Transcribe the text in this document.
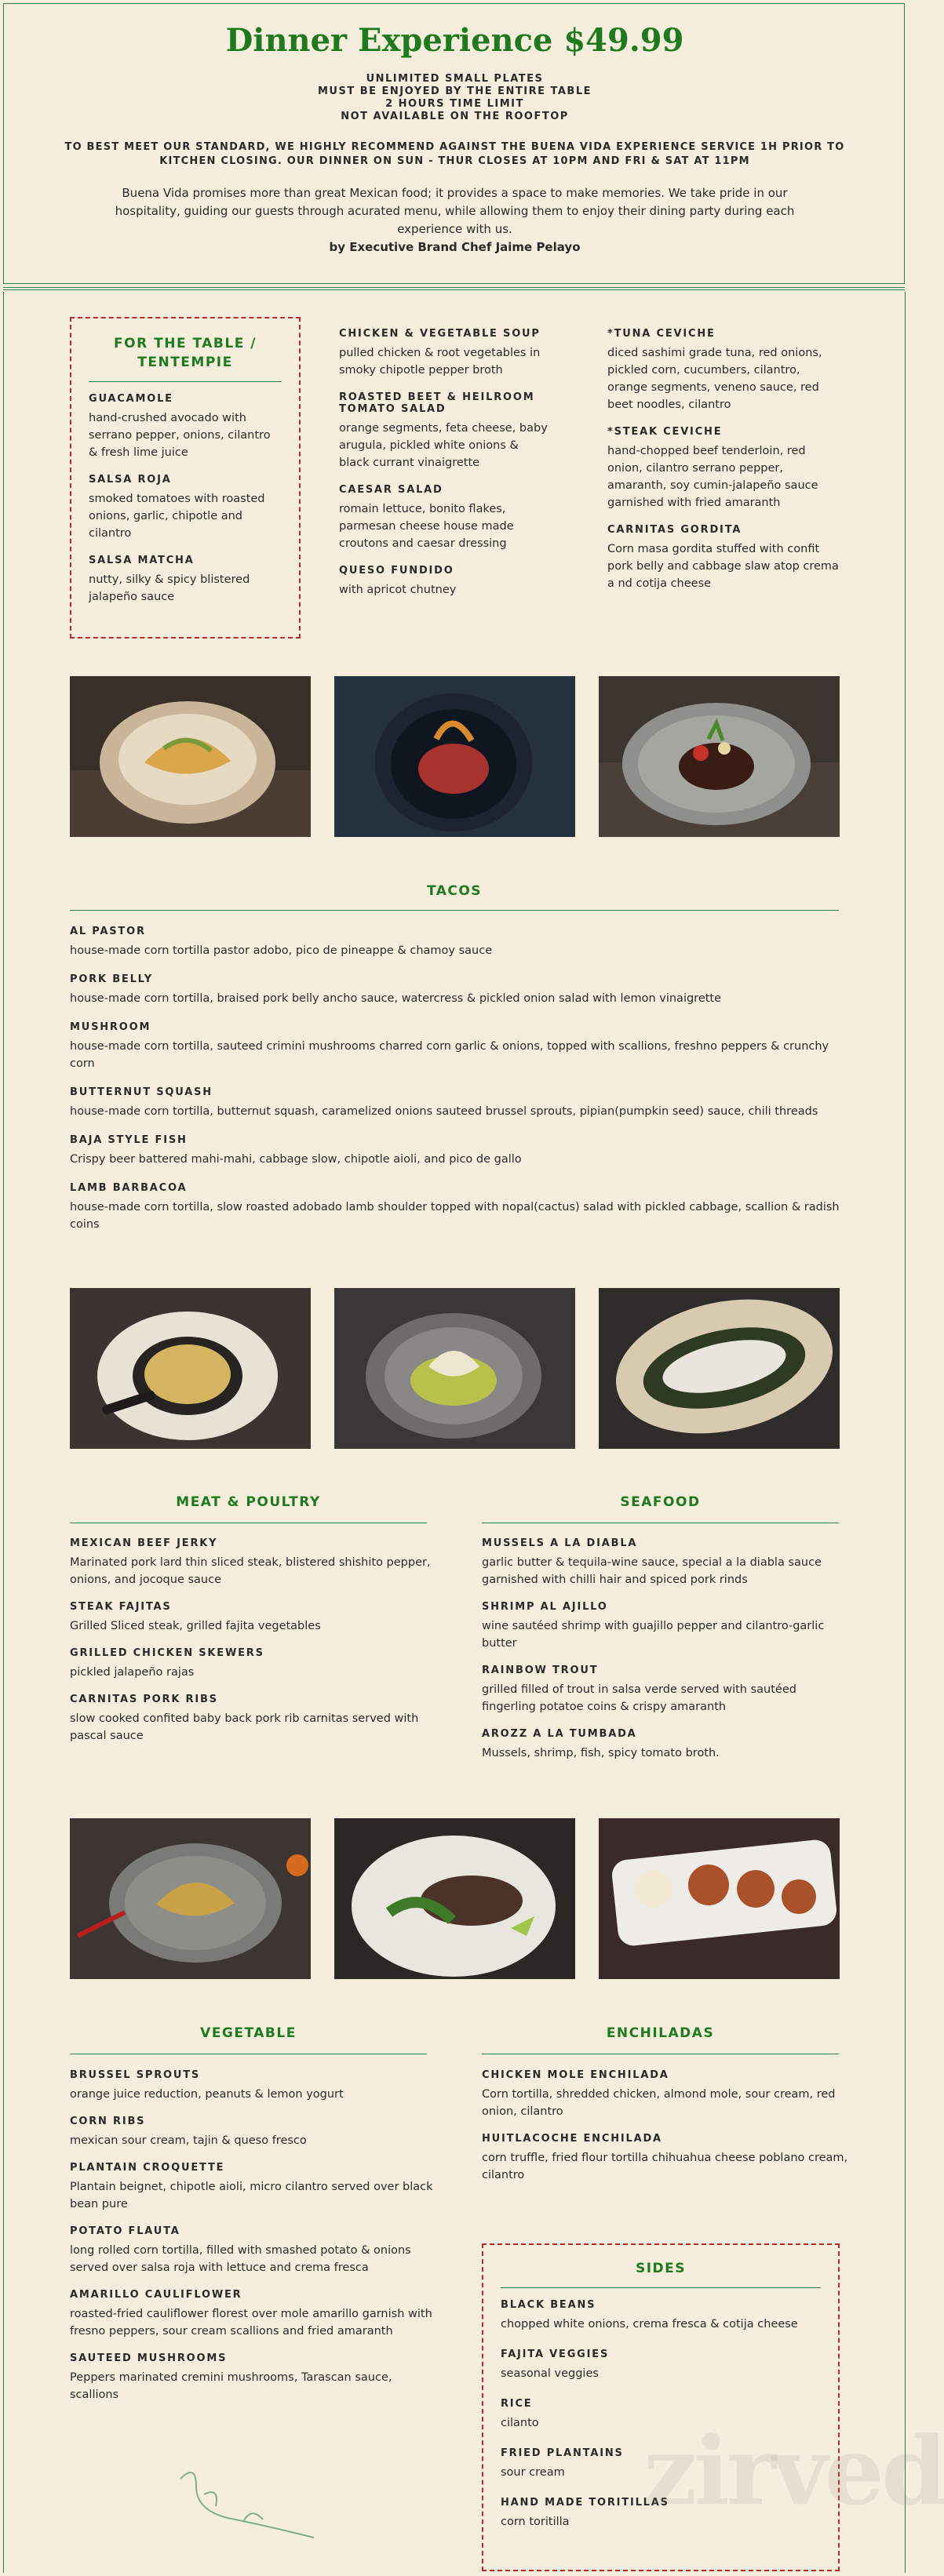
Dinner Experience $49.99
UNLIMITED SMALL PLATES
MUST BE ENJOYED BY THE ENTIRE TABLE
2 HOURS TIME LIMIT
NOT AVAILABLE ON THE ROOFTOP
TO BEST MEET OUR STANDARD, WE HIGHLY RECOMMEND AGAINST THE BUENA VIDA EXPERIENCE SERVICE 1H PRIOR TO KITCHEN CLOSING. OUR DINNER ON SUN - THUR CLOSES AT 10PM AND FRI & SAT AT 11PM
Buena Vida promises more than great Mexican food; it provides a space to make memories. We take pride in our hospitality, guiding our guests through acurated menu, while allowing them to enjoy their dining party during each experience with us.
by Executive Brand Chef Jaime Pelayo
FOR THE TABLE / TENTEMPIE
GUACAMOLE
hand-crushed avocado with serrano pepper, onions, cilantro & fresh lime juice
SALSA ROJA
smoked tomatoes with roasted onions, garlic, chipotle and cilantro
SALSA MATCHA
nutty, silky & spicy blistered jalapeño sauce
CHICKEN & VEGETABLE SOUP
pulled chicken & root vegetables in smoky chipotle pepper broth
ROASTED BEET & HEILROOM TOMATO SALAD
orange segments, feta cheese, baby arugula, pickled white onions & black currant vinaigrette
CAESAR SALAD
romain lettuce, bonito flakes, parmesan cheese house made croutons and caesar dressing
QUESO FUNDIDO
with apricot chutney
*TUNA CEVICHE
diced sashimi grade tuna, red onions, pickled corn, cucumbers, cilantro, orange segments, veneno sauce, red beet noodles, cilantro
*STEAK CEVICHE
hand-chopped beef tenderloin, red onion, cilantro serrano pepper, amaranth, soy cumin-jalapeño sauce garnished with fried amaranth
CARNITAS GORDITA
Corn masa gordita stuffed with confit pork belly and cabbage slaw atop crema a nd cotija cheese
TACOS
AL PASTOR
house-made corn tortilla pastor adobo, pico de pineappe & chamoy sauce
PORK BELLY
house-made corn tortilla, braised pork belly ancho sauce, watercress & pickled onion salad with lemon vinaigrette
MUSHROOM
house-made corn tortilla, sauteed crimini mushrooms charred corn garlic & onions, topped with scallions, freshno peppers & crunchy corn
BUTTERNUT SQUASH
house-made corn tortilla, butternut squash, caramelized onions sauteed brussel sprouts, pipian(pumpkin seed) sauce, chili threads
BAJA STYLE FISH
Crispy beer battered mahi-mahi, cabbage slow, chipotle aioli, and pico de gallo
LAMB BARBACOA
house-made corn tortilla, slow roasted adobado lamb shoulder topped with nopal(cactus) salad with pickled cabbage, scallion & radish coins
MEAT & POULTRY
MEXICAN BEEF JERKY
Marinated pork lard thin sliced steak, blistered shishito pepper, onions, and jocoque sauce
STEAK FAJITAS
Grilled Sliced steak, grilled fajita vegetables
GRILLED CHICKEN SKEWERS
pickled jalapeño rajas
CARNITAS PORK RIBS
slow cooked confited baby back pork rib carnitas served with pascal sauce
SEAFOOD
MUSSELS A LA DIABLA
garlic butter & tequila-wine sauce, special a la diabla sauce garnished with chilli hair and spiced pork rinds
SHRIMP AL AJILLO
wine sautéed shrimp with guajillo pepper and cilantro-garlic butter
RAINBOW TROUT
grilled filled of trout in salsa verde served with sautéed fingerling potatoe coins & crispy amaranth
AROZZ A LA TUMBADA
Mussels, shrimp, fish, spicy tomato broth.
VEGETABLE
BRUSSEL SPROUTS
orange juice reduction, peanuts & lemon yogurt
CORN RIBS
mexican sour cream, tajin & queso fresco
PLANTAIN CROQUETTE
Plantain beignet, chipotle aioli, micro cilantro served over black bean pure
POTATO FLAUTA
long rolled corn tortilla, filled with smashed potato & onions served over salsa roja with lettuce and crema fresca
AMARILLO CAULIFLOWER
roasted-fried cauliflower florest over mole amarillo garnish with fresno peppers, sour cream scallions and fried amaranth
SAUTEED MUSHROOMS
Peppers marinated cremini mushrooms, Tarascan sauce, scallions
ENCHILADAS
CHICKEN MOLE ENCHILADA
Corn tortilla, shredded chicken, almond mole, sour cream, red onion, cilantro
HUITLACOCHE ENCHILADA
corn truffle, fried flour tortilla chihuahua cheese poblano cream, cilantro
SIDES
BLACK BEANS
chopped white onions, crema fresca & cotija cheese
FAJITA VEGGIES
seasonal veggies
RICE
cilanto
FRIED PLANTAINS
sour cream
HAND MADE TORITILLAS
corn toritilla zirved
